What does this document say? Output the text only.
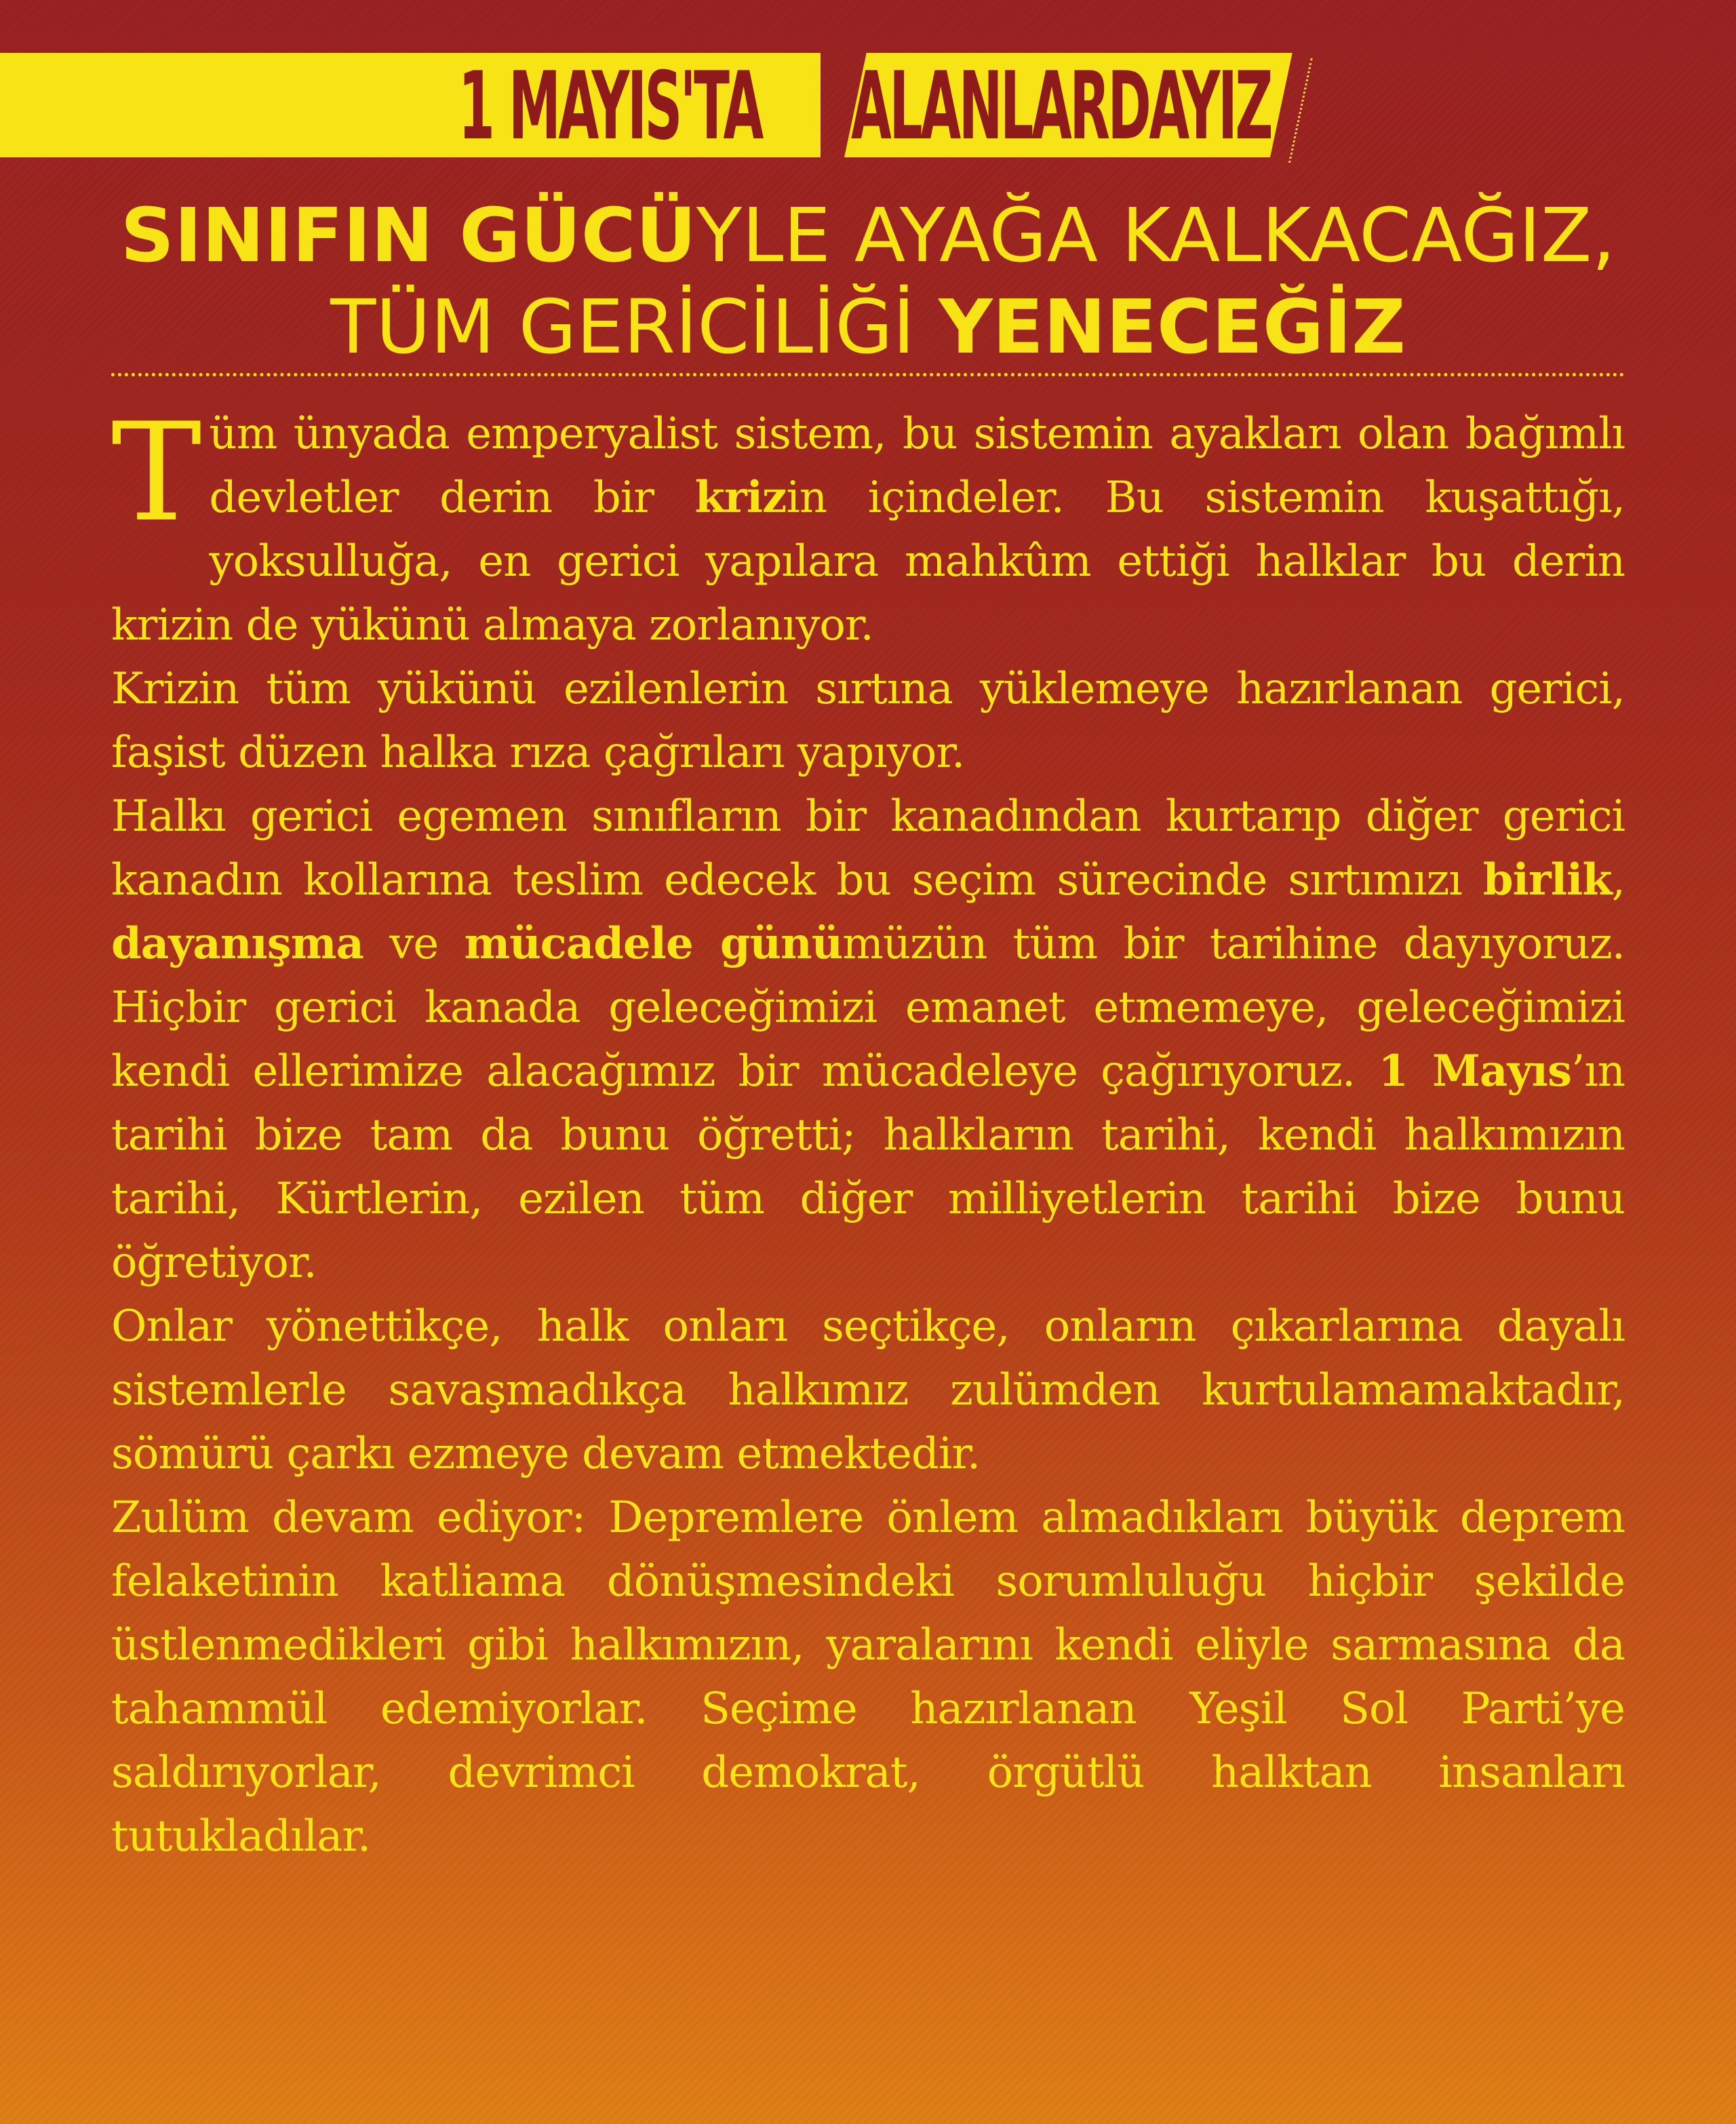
1 MAYIS'TA ALANLARDAYIZ
SINIFIN GÜCÜYLE AYAĞA KALKACAĞIZ,
TÜM GERİCİLİĞİ YENECEĞİZ

Tüm ünyada emperyalist sistem, bu sistemin ayakları olan bağımlı devletler derin bir krizin içindeler. Bu sistemin kuşattığı, yoksulluğa, en gerici yapılara mahkûm ettiği halklar bu derin krizin de yükünü almaya zorlanıyor.

Krizin tüm yükünü ezilenlerin sırtına yüklemeye hazırlanan gerici, faşist düzen halka rıza çağrıları yapıyor.

Halkı gerici egemen sınıfların bir kanadından kurtarıp diğer gerici kanadın kollarına teslim edecek bu seçim sürecinde sırtımızı birlik, dayanışma ve mücadele günümüzün tüm bir tarihine dayıyoruz. Hiçbir gerici kanada geleceğimizi emanet etmemeye, geleceğimizi kendi ellerimize alacağımız bir mücadeleye çağırıyoruz. 1 Mayıs’ın tarihi bize tam da bunu öğretti; halkların tarihi, kendi halkımızın tarihi, Kürtlerin, ezilen tüm diğer milliyetlerin tarihi bize bunu öğretiyor.

Onlar yönettikçe, halk onları seçtikçe, onların çıkarlarına dayalı sistemlerle savaşmadıkça halkımız zulümden kurtulamamaktadır, sömürü çarkı ezmeye devam etmektedir.

Zulüm devam ediyor: Depremlere önlem almadıkları büyük deprem felaketinin katliama dönüşmesindeki sorumluluğu hiçbir şekilde üstlenmedikleri gibi halkımızın, yaralarını kendi eliyle sarmasına da tahammül edemiyorlar. Seçime hazırlanan Yeşil Sol Parti’ye saldırıyorlar, devrimci demokrat, örgütlü halktan insanları tutukladılar.
